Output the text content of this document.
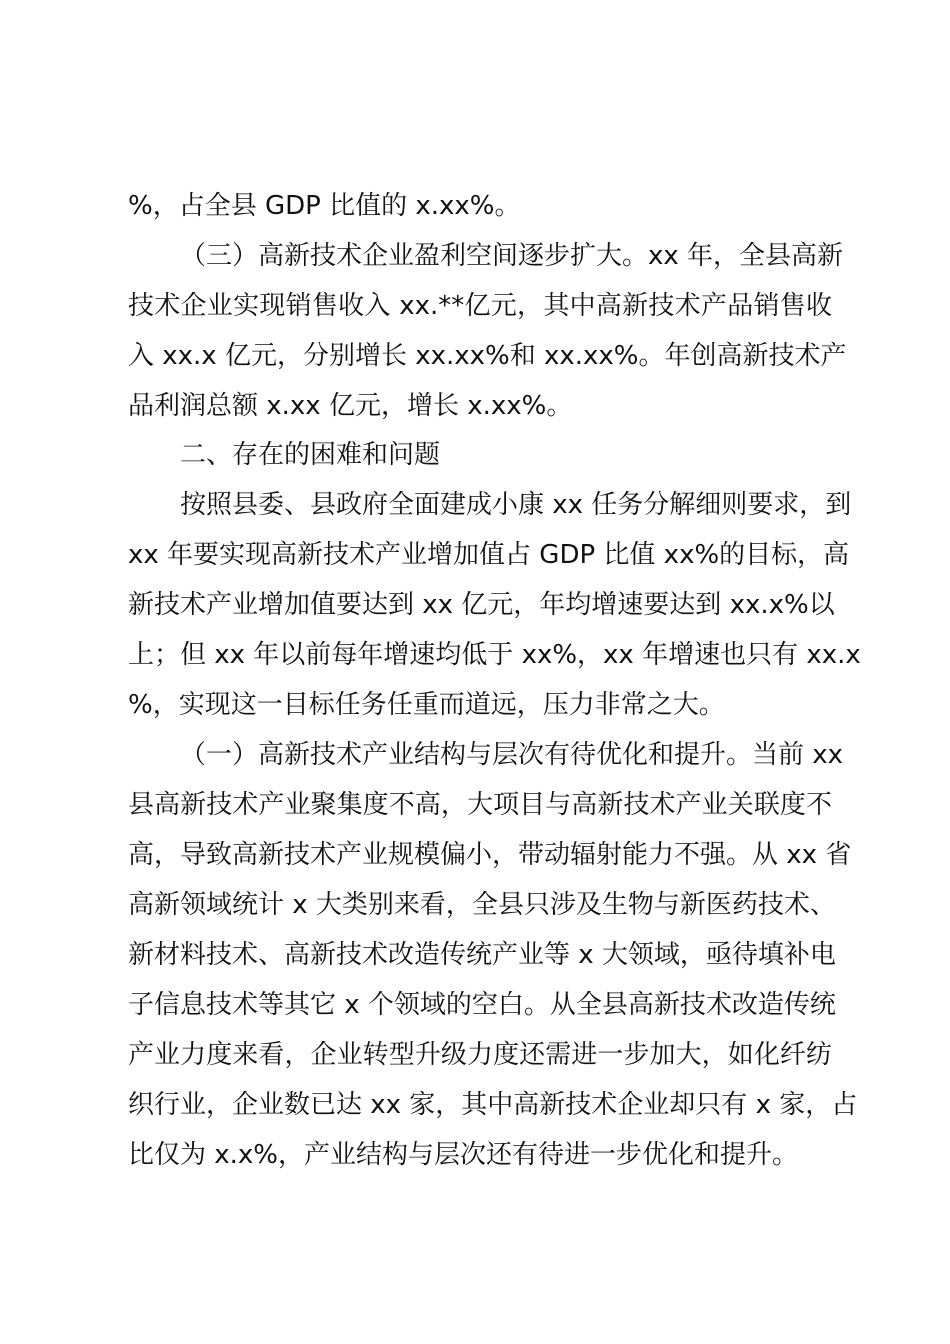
%，占全县 GDP 比值的 x.xx%。
（三）高新技术企业盈利空间逐步扩大。xx 年，全县高新
技术企业实现销售收入 xx.**亿元，其中高新技术产品销售收
入 xx.x 亿元，分别增长 xx.xx%和 xx.xx%。年创高新技术产
品利润总额 x.xx 亿元，增长 x.xx%。
二、存在的困难和问题
按照县委、县政府全面建成小康 xx 任务分解细则要求，到
xx 年要实现高新技术产业增加值占 GDP 比值 xx%的目标，高
新技术产业增加值要达到 xx 亿元，年均增速要达到 xx.x%以
上；但 xx 年以前每年增速均低于 xx%，xx 年增速也只有 xx.x
%，实现这一目标任务任重而道远，压力非常之大。
（一）高新技术产业结构与层次有待优化和提升。当前 xx
县高新技术产业聚集度不高，大项目与高新技术产业关联度不
高，导致高新技术产业规模偏小，带动辐射能力不强。从 xx 省
高新领域统计 x 大类别来看，全县只涉及生物与新医药技术、
新材料技术、高新技术改造传统产业等 x 大领域，亟待填补电
子信息技术等其它 x 个领域的空白。从全县高新技术改造传统
产业力度来看，企业转型升级力度还需进一步加大，如化纤纺
织行业，企业数已达 xx 家，其中高新技术企业却只有 x 家，占
比仅为 x.x%，产业结构与层次还有待进一步优化和提升。
